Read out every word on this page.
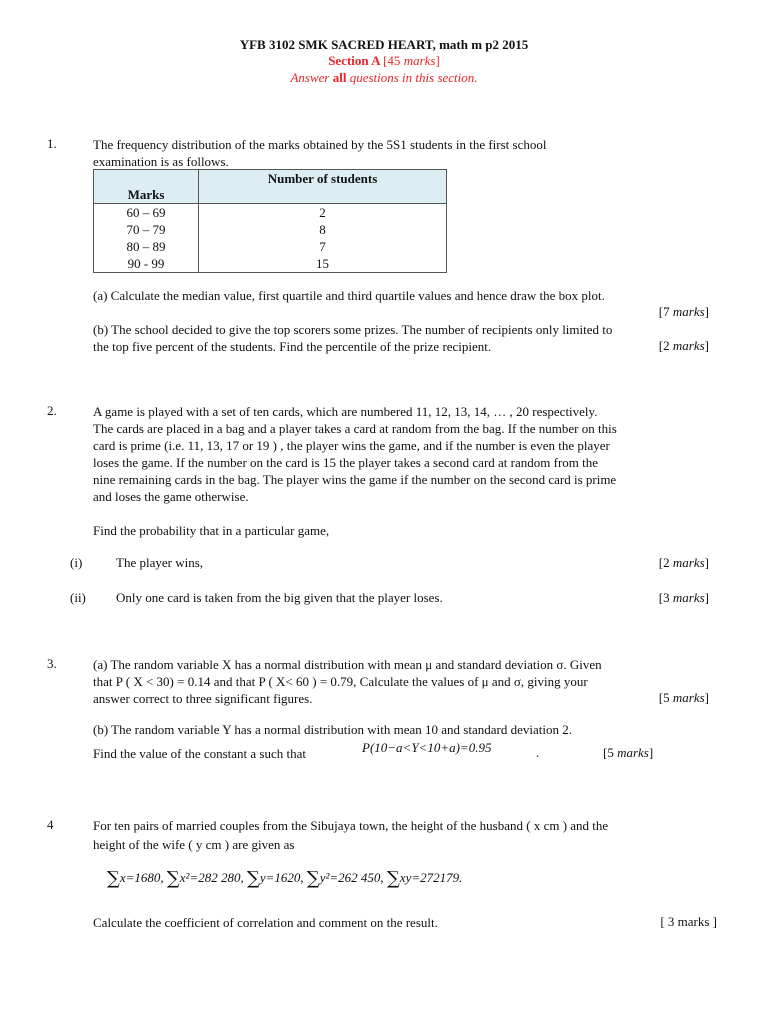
YFB 3102 SMK SACRED HEART, math m p2 2015
Section A [45 marks]
Answer all questions in this section.
1.	The frequency distribution of the marks obtained by the 5S1 students in the first school
examination is as follows.
Marks	Number of students
60 – 69	2
70 – 79	8
80 – 89	7
90 - 99	15
(a) Calculate the median value, first quartile and third quartile values and hence draw the box plot.
[7 marks]
(b) The school decided to give the top scorers some prizes. The number of recipients only limited to
the top five percent of the students. Find the percentile of the prize recipient.	[2 marks]
2.	A game is played with a set of ten cards, which are numbered 11, 12, 13, 14, … , 20 respectively.
The cards are placed in a bag and a player takes a card at random from the bag. If the number on this
card is prime (i.e. 11, 13, 17 or 19 ) , the player wins the game, and if the number is even the player
loses the game. If the number on the card is 15 the player takes a second card at random from the
nine remaining cards in the bag. The player wins the game if the number on the second card is prime
and loses the game otherwise.
Find the probability that in a particular game,
(i)	The player wins,	[2 marks]
(ii) Only one card is taken from the big given that the player loses.	[3 marks]
3.	(a) The random variable X has a normal distribution with mean μ and standard deviation σ. Given
that P ( X < 30) = 0.14 and that P ( X< 60 ) = 0.79, Calculate the values of μ and σ, giving your
answer correct to three significant figures.	[5 marks]
(b) The random variable Y has a normal distribution with mean 10 and standard deviation 2.
Find the value of the constant a such that	P(10−a<Y<10+a)=0.95	.	[5 marks]
4	For ten pairs of married couples from the Sibujaya town, the height of the husband ( x cm ) and the
height of the wife ( y cm ) are given as
∑x=1680, ∑x²=282 280, ∑y=1620, ∑y²=262 450, ∑xy=272179.
Calculate the coefficient of correlation and comment on the result.	[ 3 marks ]
